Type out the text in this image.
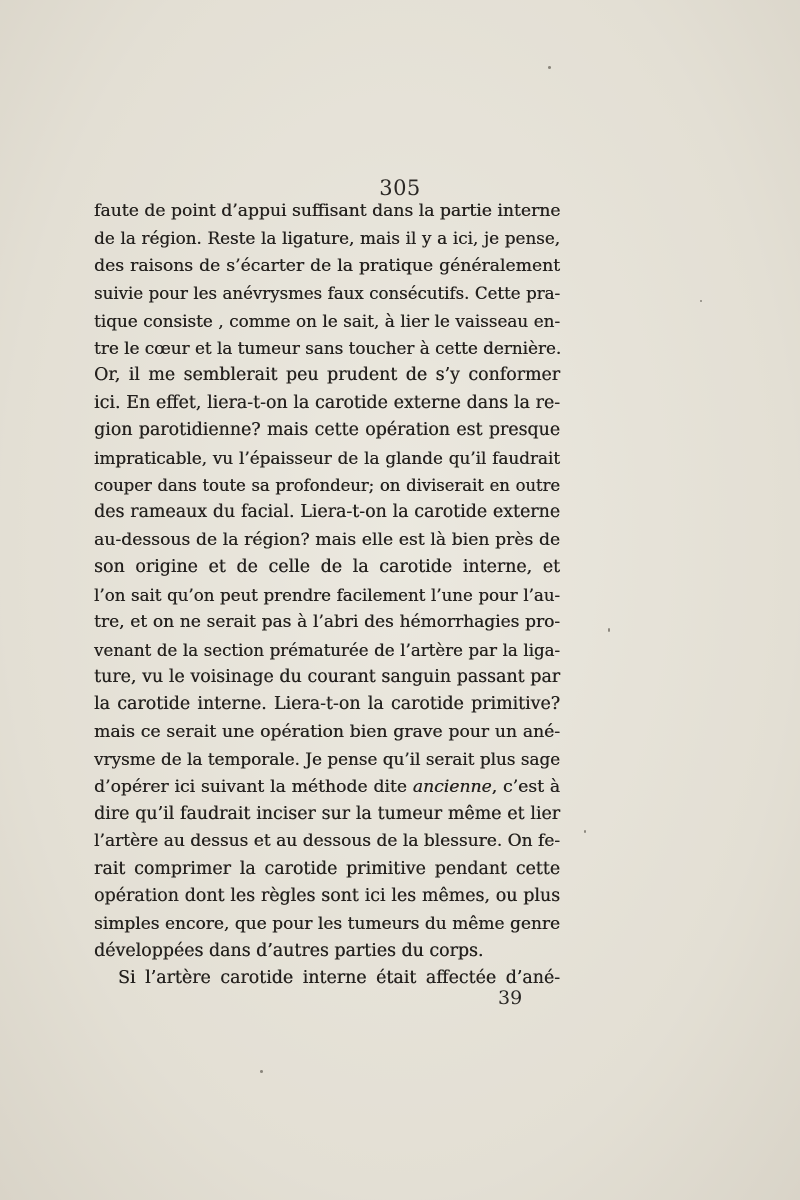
305
faute de point d’appui suffisant dans la partie interne
de la région. Reste la ligature, mais il y a ici, je pense,
des raisons de s’écarter de la pratique généralement
suivie pour les anévrysmes faux consécutifs. Cette pra-
tique consiste , comme on le sait, à lier le vaisseau en-
tre le cœur et la tumeur sans toucher à cette dernière.
Or, il me semblerait peu prudent de s’y conformer
ici. En effet, liera-t-on la carotide externe dans la re-
gion parotidienne? mais cette opération est presque
impraticable, vu l’épaisseur de la glande qu’il faudrait
couper dans toute sa profondeur; on diviserait en outre
des rameaux du facial. Liera-t-on la carotide externe
au-dessous de la région? mais elle est là bien près de
son origine et de celle de la carotide interne, et
l’on sait qu’on peut prendre facilement l’une pour l’au-
tre, et on ne serait pas à l’abri des hémorrhagies pro-
venant de la section prématurée de l’artère par la liga-
ture, vu le voisinage du courant sanguin passant par
la carotide interne. Liera-t-on la carotide primitive?
mais ce serait une opération bien grave pour un ané-
vrysme de la temporale. Je pense qu’il serait plus sage
d’opérer ici suivant la méthode dite ancienne, c’est à
dire qu’il faudrait inciser sur la tumeur même et lier
l’artère au dessus et au dessous de la blessure. On fe-
rait comprimer la carotide primitive pendant cette
opération dont les règles sont ici les mêmes, ou plus
simples encore, que pour les tumeurs du même genre
développées dans d’autres parties du corps.
Si l’artère carotide interne était affectée d’ané-
39
